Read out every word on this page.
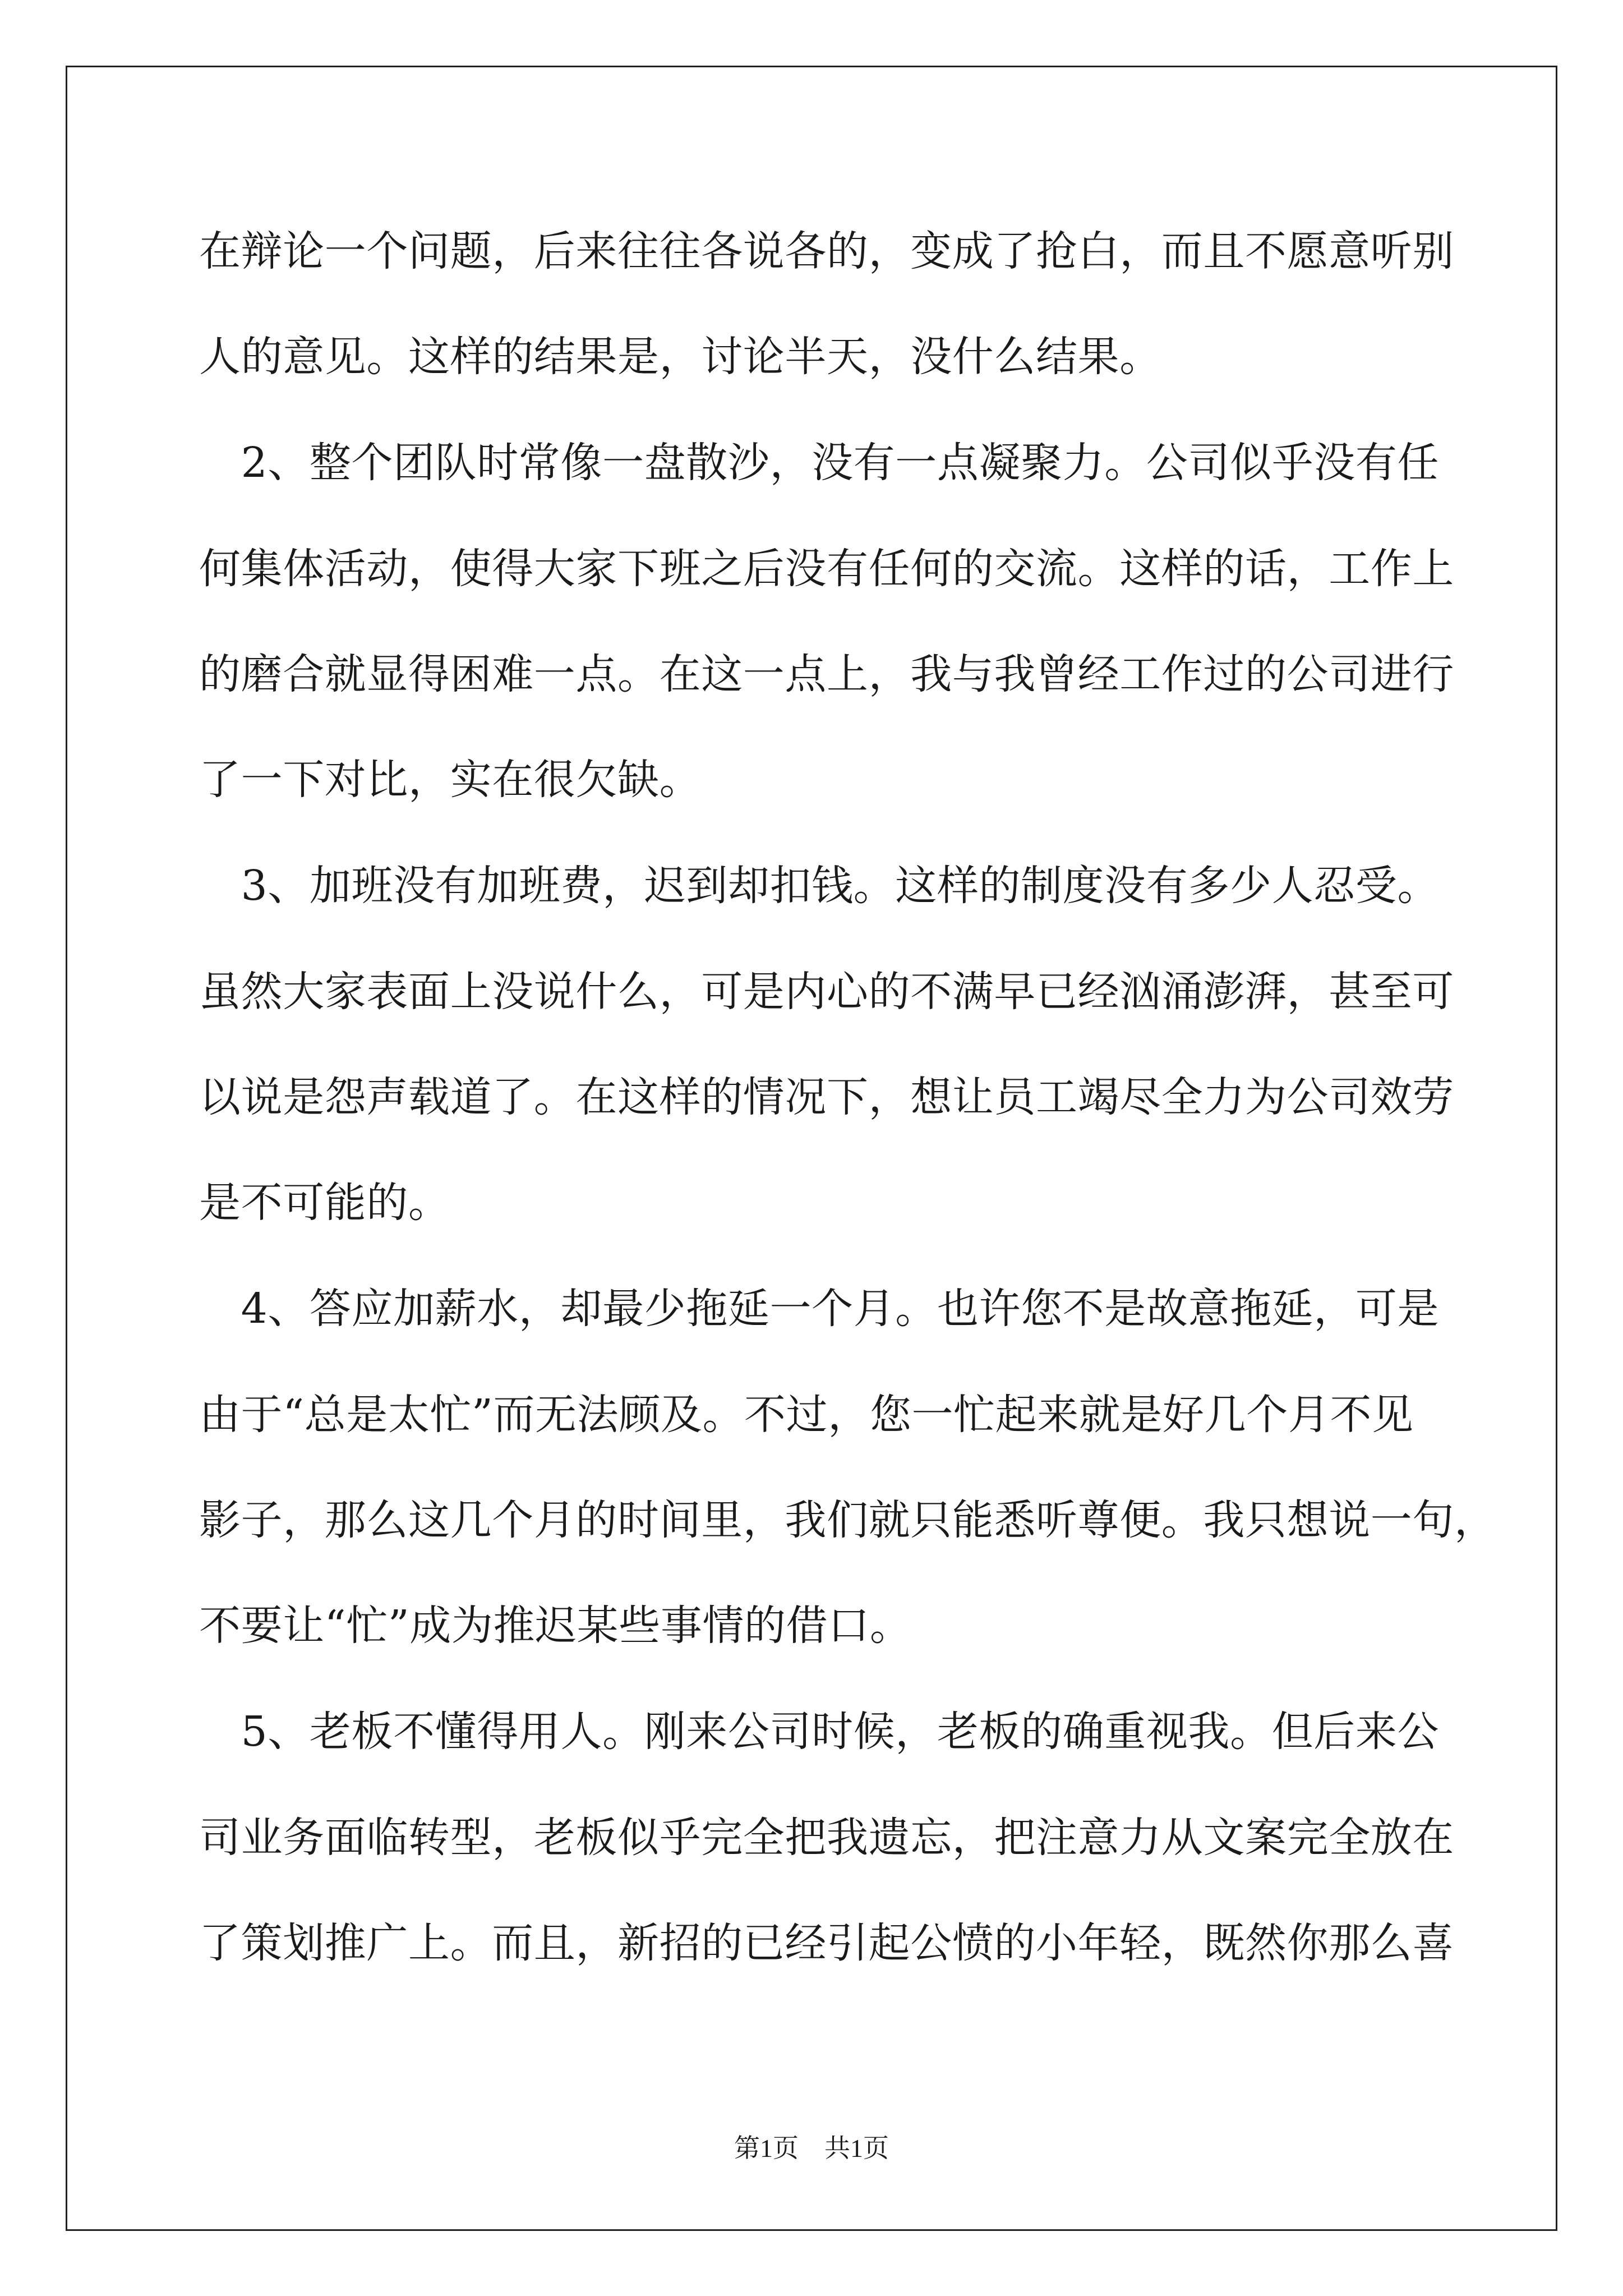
在辩论一个问题，后来往往各说各的，变成了抢白，而且不愿意听别
人的意见。这样的结果是，讨论半天，没什么结果。
　2、整个团队时常像一盘散沙，没有一点凝聚力。公司似乎没有任
何集体活动，使得大家下班之后没有任何的交流。这样的话，工作上
的磨合就显得困难一点。在这一点上，我与我曾经工作过的公司进行
了一下对比，实在很欠缺。
　3、加班没有加班费，迟到却扣钱。这样的制度没有多少人忍受。
虽然大家表面上没说什么，可是内心的不满早已经汹涌澎湃，甚至可
以说是怨声载道了。在这样的情况下，想让员工竭尽全力为公司效劳
是不可能的。
　4、答应加薪水，却最少拖延一个月。也许您不是故意拖延，可是
由于“总是太忙”而无法顾及。不过，您一忙起来就是好几个月不见
影子，那么这几个月的时间里，我们就只能悉听尊便。我只想说一句，
不要让“忙”成为推迟某些事情的借口。
　5、老板不懂得用人。刚来公司时候，老板的确重视我。但后来公
司业务面临转型，老板似乎完全把我遗忘，把注意力从文案完全放在
了策划推广上。而且，新招的已经引起公愤的小年轻，既然你那么喜
第1页　共1页
